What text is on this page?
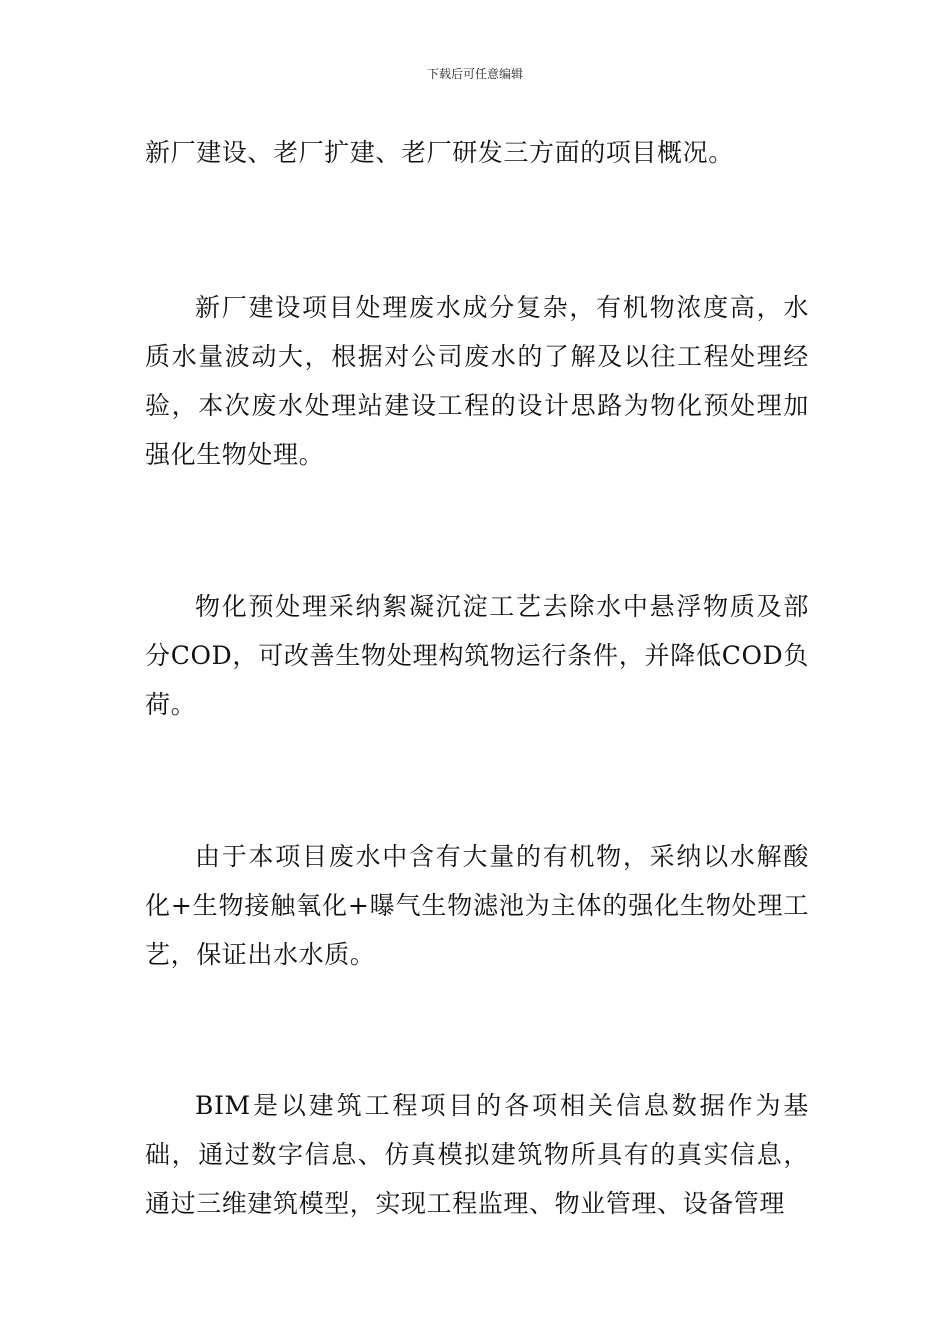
下载后可任意编辑

新厂建设、老厂扩建、老厂研发三方面的项目概况。

新厂建设项目处理废水成分复杂，有机物浓度高，水质水量波动大，根据对公司废水的了解及以往工程处理经验，本次废水处理站建设工程的设计思路为物化预处理加强化生物处理。

物化预处理采纳絮凝沉淀工艺去除水中悬浮物质及部分COD，可改善生物处理构筑物运行条件，并降低COD负荷。

由于本项目废水中含有大量的有机物，采纳以水解酸化+生物接触氧化+曝气生物滤池为主体的强化生物处理工艺，保证出水水质。

BIM是以建筑工程项目的各项相关信息数据作为基础，通过数字信息、仿真模拟建筑物所具有的真实信息，通过三维建筑模型，实现工程监理、物业管理、设备管理
